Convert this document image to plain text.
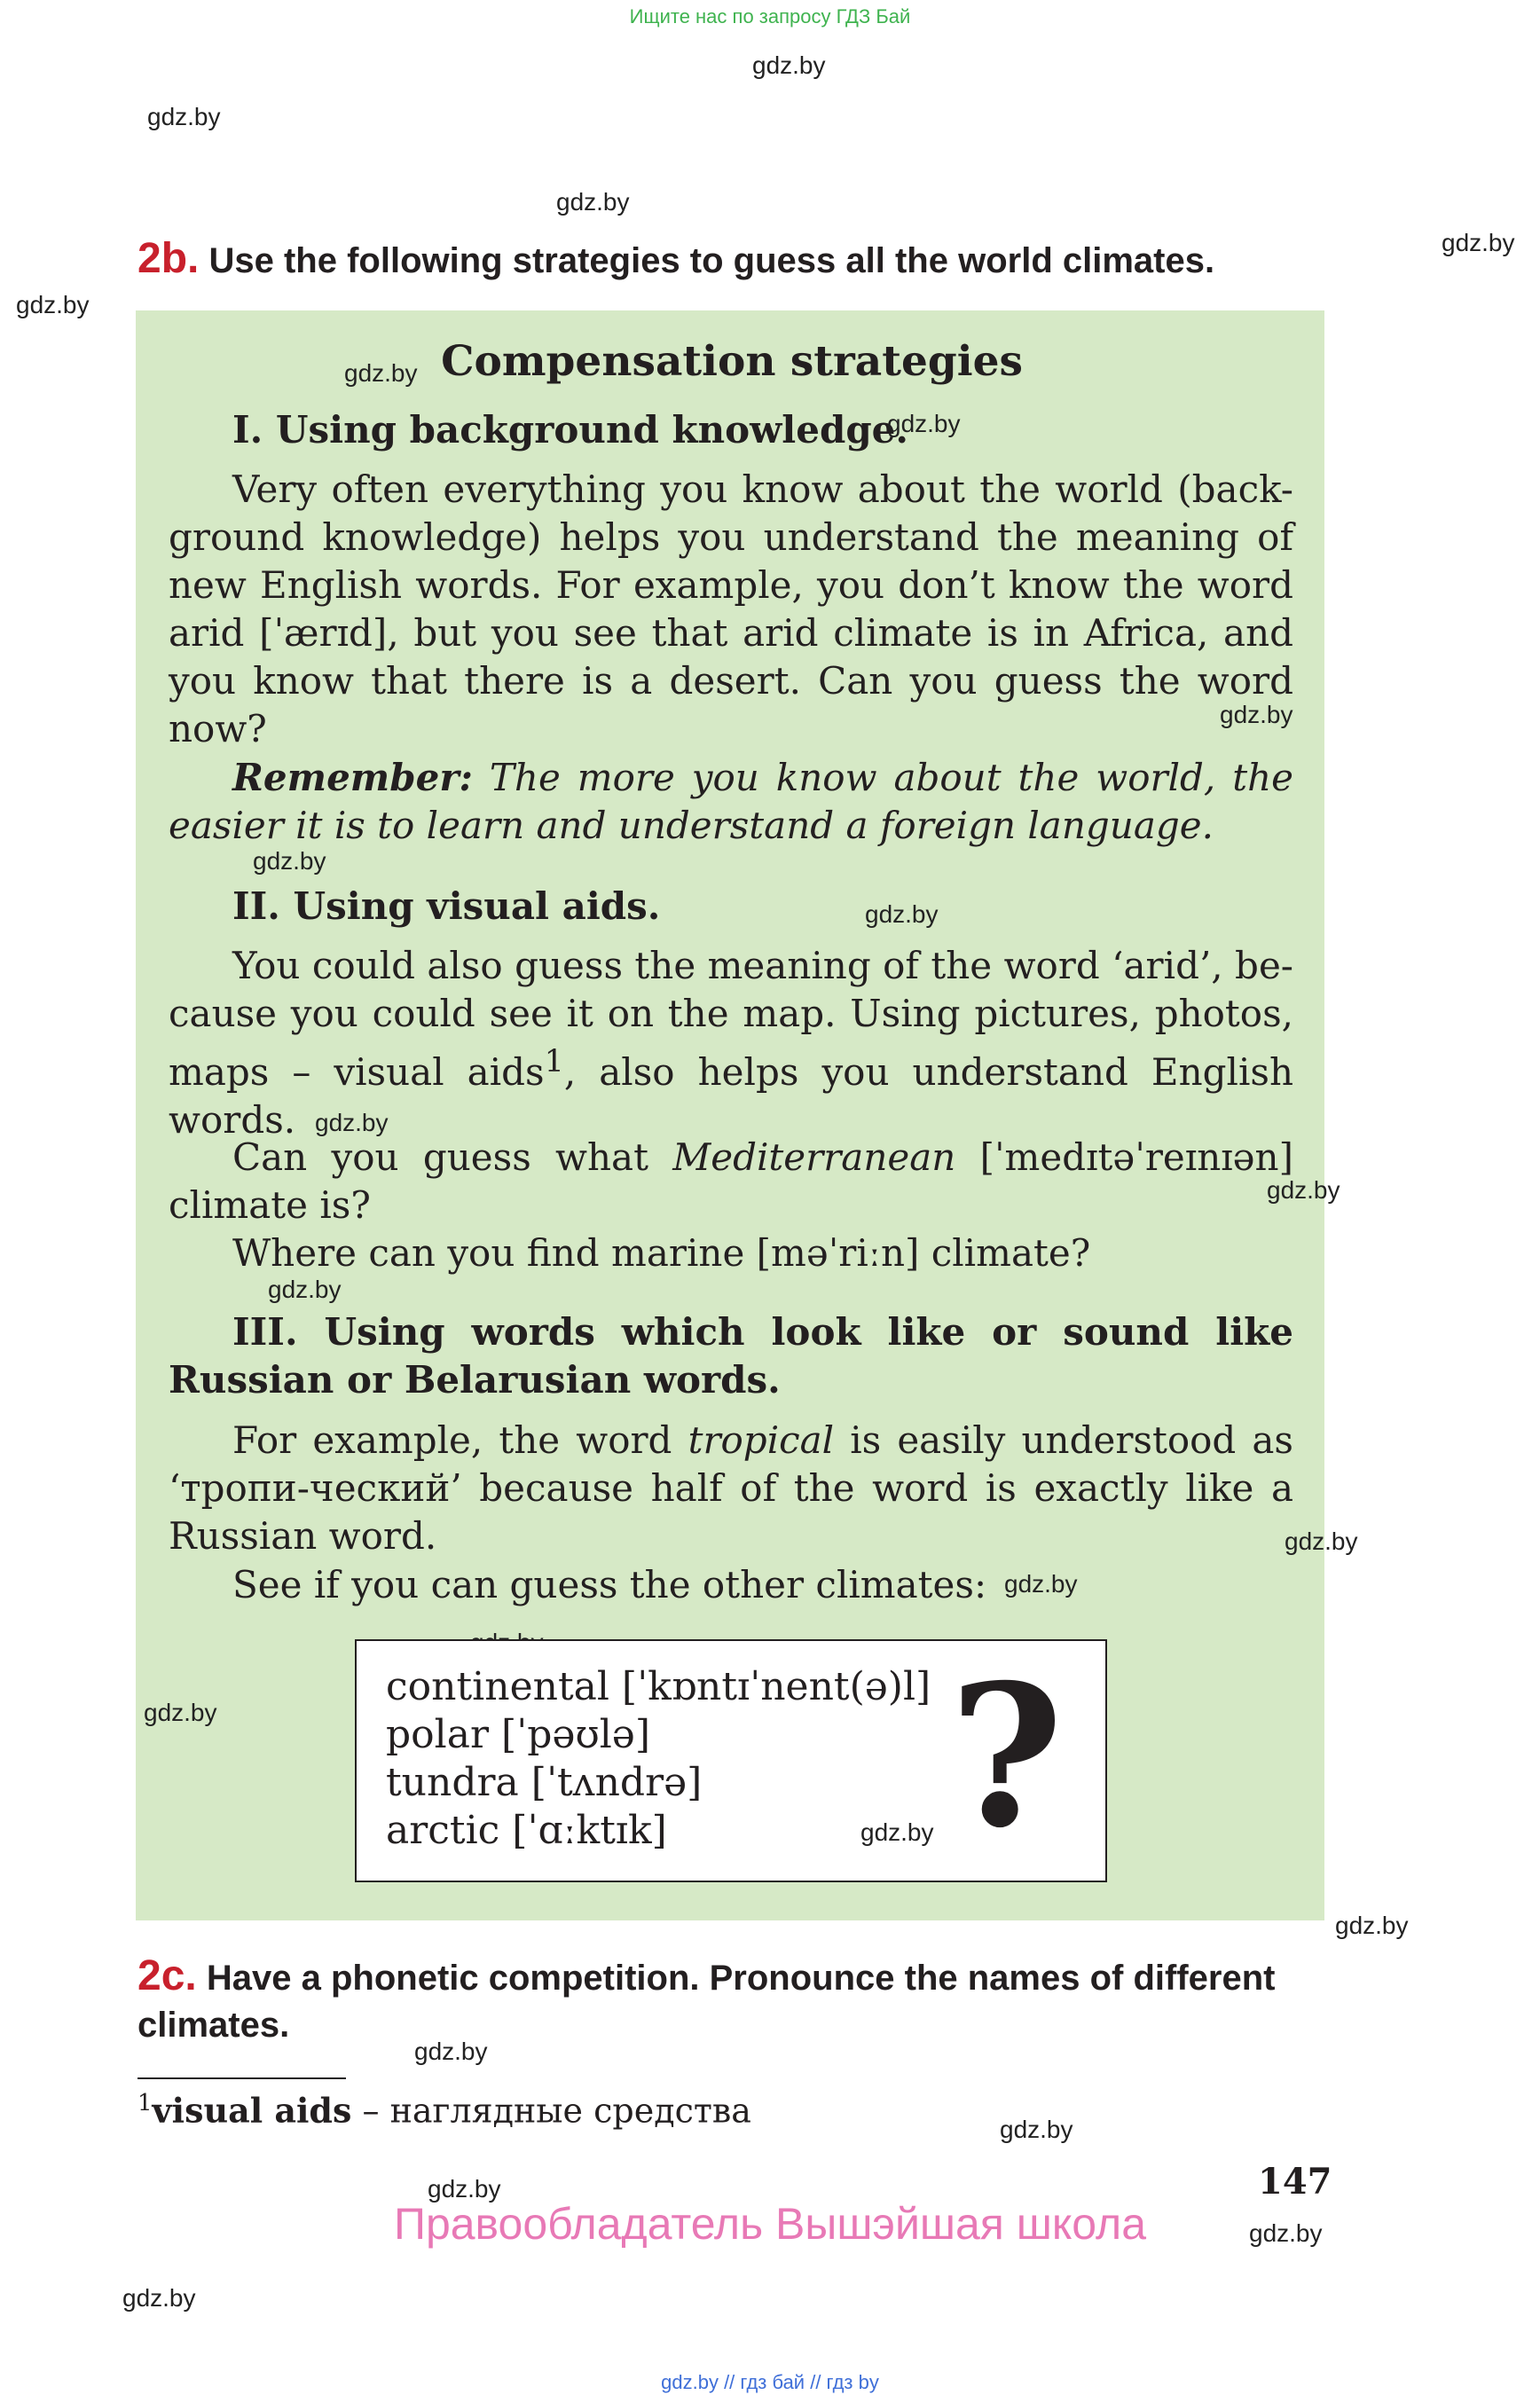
Ищите нас по запросу ГДЗ Бай
gdz.by
gdz.by
gdz.by
gdz.by
gdz.by
2b. Use the following strategies to guess all the world climates.
gdz.by Compensation strategies
I. Using background knowledge.
gdz.by
Very often everything you know about the world (back-ground knowledge) helps you understand the meaning of new English words. For example, you don’t know the word arid [ˈærɪd], but you see that arid climate is in Africa, and you know that there is a desert. Can you guess the word now?	gdz.by
Remember: The more you know about the world, the easier it is to learn and understand a foreign language.
gdz.by
II. Using visual aids.	gdz.by
You could also guess the meaning of the word ‘arid’, be-cause you could see it on the map. Using pictures, photos, maps – visual aids$^1$, also helps you understand English words. gdz.by
Can you guess what Mediterranean [ˈmedɪtəˈreɪnɪən] climate is?	gdz.by
Where can you find marine [məˈriːn] climate?
gdz.by
III. Using words which look like or sound like Russian or Belarusian words.
For example, the word tropical is easily understood as ‘тропи-ческий’ because half of the word is exactly like a Russian word.	gdz.by
See if you can guess the other climates: gdz.by
gdz.by
continental [ˈkɒntɪˈnent(ə)l]
polar [ˈpəʊlə]
tundra [ˈtʌndrə]
arctic [ˈɑːktɪk]	?
gdz.by
gdz.by
2c. Have a phonetic competition. Pronounce the names of different climates.
gdz.by
$^1$visual aids – наглядные средства	gdz.by
gdz.by	147
Правообладатель Вышэйшая школа	gdz.by
gdz.by
gdz.by // гдз бай // гдз by
